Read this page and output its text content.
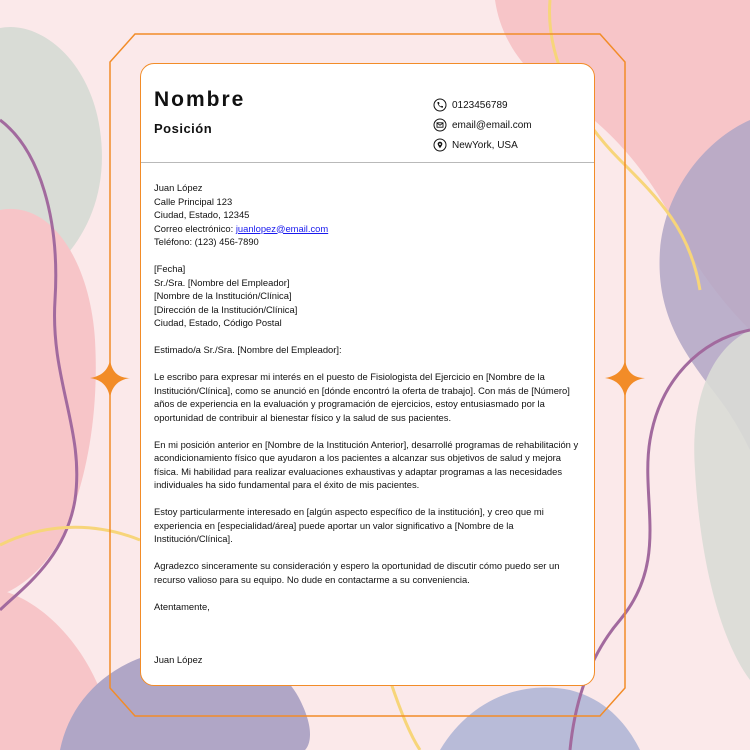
Nombre
Posición
0123456789
email@email.com
NewYork, USA

Juan López
Calle Principal 123
Ciudad, Estado, 12345
Correo electrónico: juanlopez@email.com
Teléfono: (123) 456-7890

[Fecha]
Sr./Sra. [Nombre del Empleador]
[Nombre de la Institución/Clínica]
[Dirección de la Institución/Clínica]
Ciudad, Estado, Código Postal

Estimado/a Sr./Sra. [Nombre del Empleador]:

Le escribo para expresar mi interés en el puesto de Fisiologista del Ejercicio en [Nombre de la Institución/Clínica], como se anunció en [dónde encontró la oferta de trabajo]. Con más de [Número] años de experiencia en la evaluación y programación de ejercicios, estoy entusiasmado por la oportunidad de contribuir al bienestar físico y la salud de sus pacientes.

En mi posición anterior en [Nombre de la Institución Anterior], desarrollé programas de rehabilitación y acondicionamiento físico que ayudaron a los pacientes a alcanzar sus objetivos de salud y mejora física. Mi habilidad para realizar evaluaciones exhaustivas y adaptar programas a las necesidades individuales ha sido fundamental para el éxito de mis pacientes.

Estoy particularmente interesado en [algún aspecto específico de la institución], y creo que mi experiencia en [especialidad/área] puede aportar un valor significativo a [Nombre de la Institución/Clínica].

Agradezco sinceramente su consideración y espero la oportunidad de discutir cómo puedo ser un recurso valioso para su equipo. No dude en contactarme a su conveniencia.

Atentamente,

Juan López
